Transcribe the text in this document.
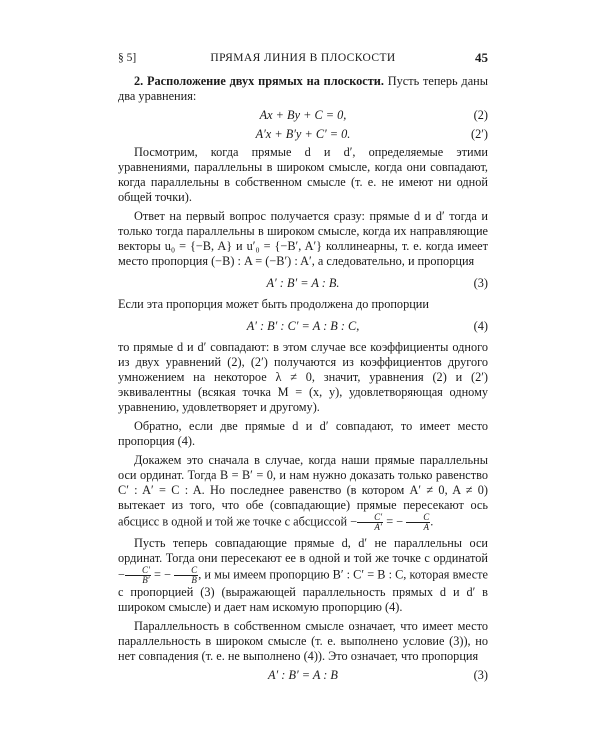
§ 5]	ПРЯМАЯ ЛИНИЯ В ПЛОСКОСТИ	45

2. Расположение двух прямых на плоскости. Пусть теперь даны два уравнения:

Ax + By + C = 0,	(2)
A′x + B′y + C′ = 0.	(2′)

Посмотрим, когда прямые d и d′, определяемые этими уравнениями, параллельны в широком смысле, когда они совпадают, когда параллельны в собственном смысле (т. е. не имеют ни одной общей точки).

Ответ на первый вопрос получается сразу: прямые d и d′ тогда и только тогда параллельны в широком смысле, когда их направляющие векторы u₀ = {−B, A} и u′₀ = {−B′, A′} коллинеарны, т. е. когда имеет место пропорция (−B) : A = (−B′) : A′, а следовательно, и пропорция

A′ : B′ = A : B.	(3)

Если эта пропорция может быть продолжена до пропорции

A′ : B′ : C′ = A : B : C,	(4)

то прямые d и d′ совпадают: в этом случае все коэффициенты одного из двух уравнений (2), (2′) получаются из коэффициентов другого умножением на некоторое λ ≠ 0, значит, уравнения (2) и (2′) эквивалентны (всякая точка M = (x, y), удовлетворяющая одному уравнению, удовлетворяет и другому).

Обратно, если две прямые d и d′ совпадают, то имеет место пропорция (4).

Докажем это сначала в случае, когда наши прямые параллельны оси ординат. Тогда B = B′ = 0, и нам нужно доказать только равенство C′ : A′ = C : A. Но последнее равенство (в котором A′ ≠ 0, A ≠ 0) вытекает из того, что обе (совпадающие) прямые пересекают ось абсцисс в одной и той же точке с абсциссой − $\frac{C'}{A'}$ = − $\frac{C}{A}$ .

Пусть теперь совпадающие прямые d, d′ не параллельны оси ординат. Тогда они пересекают ее в одной и той же точке с ординатой − $\frac{C'}{B'}$ = − $\frac{C}{B}$ , и мы имеем пропорцию B′ : C′ = B : C, которая вместе с пропорцией (3) (выражающей параллельность прямых d и d′ в широком смысле) и дает нам искомую пропорцию (4).

Параллельность в собственном смысле означает, что имеет место параллельность в широком смысле (т. е. выполнено условие (3)), но нет совпадения (т. е. не выполнено (4)). Это означает, что пропорция

A′ : B′ = A : B	(3)
